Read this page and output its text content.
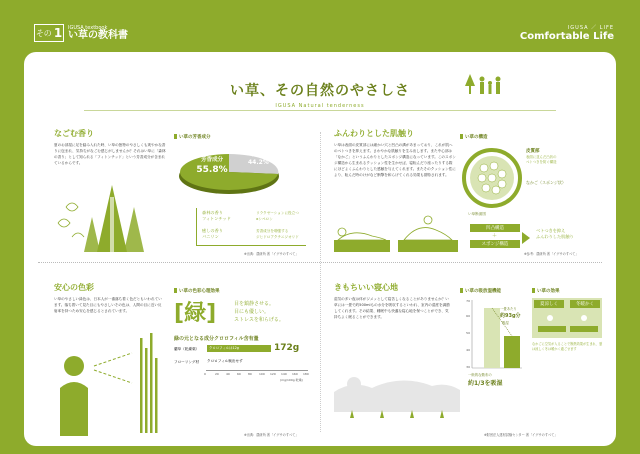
その 1 IGUSA textbook
い草の教科書
IGUSA ／ LIFE
Comfortable Life
い草、その自然のやさしさ
IGUSA Natural tenderness
なごむ香り
夏のお部屋に足を踏み入れた時、い草の独特のやさしくも爽やかな香りに包まれ、気持ちがなごむ感じがしませんか？それはい草に「森林の香り」として知られる「フィトンチッド」という芳香成分が含まれているからです。
い草の芳香成分
機能性
芳香成分
55.8%
その他
44.2%
森林の香り
フィトンチッド
リラクゼーションに役立つ
αシペロン
癒しの香り
バニリン
芳香成分を増強する
ジヒドロアクチニジオリド
※出典：農研所 著「イグサのすべて」
安心の色彩
い草のやさしい緑色は、日本人が一番落ち着く色だともいわれています。落ち着いて見た目にもやさしいその色は、人間の目に近い反射率を持つため安心を感じるとされています。
い草の色彩心理効果
[緑]	目を鎮静させる。
目にも優しい。
ストレスを和らげる。
緑の元となる成分クロロフィル含有量
藺草（乾燥葉）	クロロフィルは12g	172g
フローリング材 クロロフィル検出せず
0	20 40 60 80 100 120 140 160 180
(mg/100g 乾燥)
※出典：農研所 著「イグサのすべて」
ふんわりとした肌触り
い草は表面の皮質部には細かい穴と凹凸の溝があまっており、これが肌へのベトつきを抑えます。さわやかな肌触りを生み出します。また中心部は「なかご」というふんわりとしたスポンジ構造になっています。このスポンジ構造から生まれるクッション性を生かせば、寝転んだり座ったりする際にほどよくふんわりとした感触を与えてくれます。またそのクッション性により、転んだ時のけがなど衝撃を和らげてくれる効果も期待されます。
い草の構造
皮質部
表面に並んだ凸状の
ベトつきを防ぐ構造
なかご（スポンジ状）
い草断面図
凹凸構造
＋
スポンジ構造
ベトつきを抑え
ふんわりした肌触り
※参考：農研所 著「イグサのすべて」
きもちいい寝心地
湿気の多い夜は体がジメッとして寝苦しくなることがありませんか？い草には一畳で約500mlもの水分を吸収するといわれ、室内の湿度を調節してくれます。その結果、睡眠中も快適な寝心地を保つことができ、気持ちよく眠ることができます。
い草の吸放湿機能
30
40
50
60
70
一畳あたり
約93g分
吸湿
一般的な敷布の
約1/3を吸湿
い草の効果
夏涼しく	冬暖かく
なかごに空気が入ることで断熱効果が生まれ、夏は涼しく冬は暖かく過ごせます
※財団法人建材試験センター 著「イグサのすべて」
